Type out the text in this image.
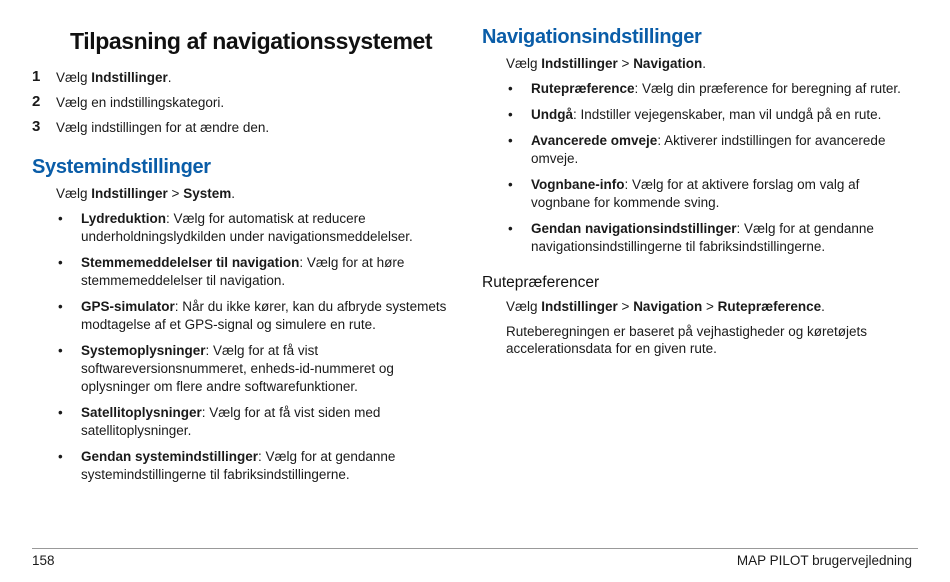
Tilpasning af navigationssystemet
1 Vælg Indstillinger.
2 Vælg en indstillingskategori.
3 Vælg indstillingen for at ændre den.
Systemindstillinger
Vælg Indstillinger > System.
• Lydreduktion: Vælg for automatisk at reducere underholdningslydkilden under navigationsmeddelelser.
• Stemmemeddelelser til navigation: Vælg for at høre stemmemeddelelser til navigation.
• GPS-simulator: Når du ikke kører, kan du afbryde systemets modtagelse af et GPS-signal og simulere en rute.
• Systemoplysninger: Vælg for at få vist softwareversionsnummeret, enheds-id-nummeret og oplysninger om flere andre softwarefunktioner.
• Satellitoplysninger: Vælg for at få vist siden med satellitoplysninger.
• Gendan systemindstillinger: Vælg for at gendanne systemindstillingerne til fabriksindstillingerne.
Navigationsindstillinger
Vælg Indstillinger > Navigation.
• Rutepræference: Vælg din præference for beregning af ruter.
• Undgå: Indstiller vejegenskaber, man vil undgå på en rute.
• Avancerede omveje: Aktiverer indstillingen for avancerede omveje.
• Vognbane-info: Vælg for at aktivere forslag om valg af vognbane for kommende sving.
• Gendan navigationsindstillinger: Vælg for at gendanne navigationsindstillingerne til fabriksindstillingerne.
Rutepræferencer
Vælg Indstillinger > Navigation > Rutepræference.

Ruteberegningen er baseret på vejhastigheder og køretøjets accelerationsdata for en given rute.

158	MAP PILOT brugervejledning
